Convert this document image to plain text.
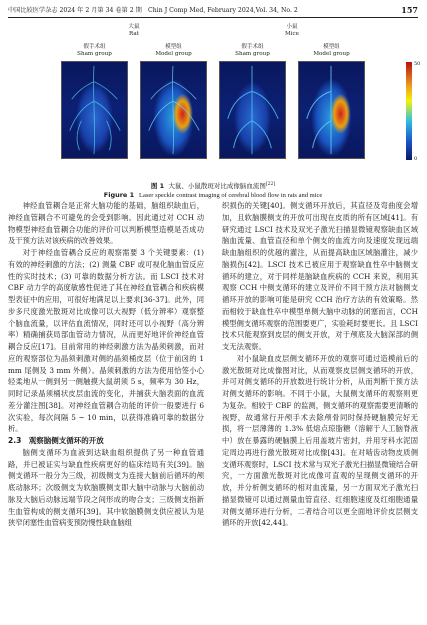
中国比较医学杂志 2024 年 2 月第 34 卷第 2 期　Chin J Comp Med, February 2024,Vol. 34, No. 2	157
大鼠
Rat
小鼠
Mice
假手术组
Sham group
模型组
Model group
假手术组
Sham group
模型组
Model group
50
0
图 1 大鼠、小鼠散斑对比成像脑血流图[22]
Figure 1 Laser speckle contrast imaging of cerebral blood flow in rats and mice

神经血管耦合是正常大脑功能的基础，脑组织缺血后，神经血管耦合不可避免的会受到影响。因此通过对 CCH 动物模型神经血管耦合功能的评价可以判断模型造模是否成功及干预方法对该疾病的改善效果。

对于神经血管耦合反应的观察需要 3 个关键要素：(1) 有效的神经刺激的方法；(2) 测量 CBF 或可视化脑血管反应性的实时技术；(3) 可靠的数据分析方法。而 LSCI 技术对 CBF 动力学的高度敏感性促进了其在神经血管耦合和疾病模型表征中的应用，可很好地满足以上要求[36-37]。此外，同步多尺度激光散斑对比成像可以大视野（低分辨率）观察整个脑血流量，以评估血流情况，同时还可以小视野（高分辨率）精确捕获局部血管动力情况，从而更好地评价神经血管耦合反应[17]。目前常用的神经刺激方法为晶须刺激，而对应的观察部位为晶须刺激对侧的晶须桶皮层（位于前囟的 1 mm 尾侧及 3 mm 外侧）。晶须刺激的方法为使用恰签小心轻柔地从一侧到另一侧触摸大鼠胡须 5 s，频率为 30 Hz，同时记录晶须桶状皮层血流的变化，并捕获大脑表面的血流差分灌注图[38]。对神经血管耦合功能的评价一般要进行 6 次实验，每次间隔 5 ~ 10 min，以获得准确可靠的数据分析。

2.3　观察脑侧支循环的开放

脑侧支循环为血液到达缺血组织提供了另一种血管通路，并已被证实与缺血性疾病更好的临床结局有关[39]。脑侧支循环一般分为三级，初级侧支为连接大脑前后循环的颅底动脉环；次级侧支为软脑膜侧支即大脑中动脉与大脑前动脉及大脑后动脉远端节段之间形成的吻合支；三级侧支指新生血管构成的侧支循环[39]。其中软脑膜侧支供应被认为是狭窄闭塞性血管病变预防慢性缺血脑组

织损伤的关键[40]。侧支循环开放后，其直径及弯曲度会增加，且软脑膜侧支的开放可出现在皮质的所有区域[41]。有研究通过 LSCI 技术及双光子激光扫描显微镜观察缺血区域脑血流量、血管直径和单个侧支的血流方向及速度发现远端缺血脑组织的优越的灌注，从而提高缺血区域脑灌注，减少脑损伤[42]。LSCI 技术已被应用于观察缺血性卒中脑侧支循环的建立，对于同样是脑缺血疾病的 CCH 来说，利用其观察 CCH 中侧支循环的建立及评价不同干预方法对脑侧支循环开放的影响可能是研究 CCH 治疗方法的有效策略。然而相较于缺血性卒中模型单侧大脑中动脉的闭塞而言，CCH 模型侧支循环观察的范围要更广，实验耗时要更长。且 LSCI 技术只能观察到皮层的侧支开放，对于颅底及大脑深部的侧支无法观察。

对小鼠缺血皮层侧支循环开放的观察可通过造模前后的激光散斑对比成像图对比，从而观察皮层侧支循环的开放，并可对侧支循环的开放数进行统计分析，从而判断干预方法对侧支循环的影响。不同于小鼠，大鼠侧支循环的观察则更为复杂。相较于 CBF 的监测，侧支循环的观察需要更清晰的视野，故通常行开颅手术去除颅骨同时保持硬脑膜完好无损，将一层薄薄的 1.3% 低熔点琼脂糖（溶解于人工脑脊液中）放在暴露的硬脑膜上后用盖玻片密封，并用牙科水泥固定周边再进行激光散斑对比成像[43]。在对啮齿动物皮质侧支循环观察时，LSCI 技术常与双光子激光扫描显微镜结合研究，一方面激光散斑对比成像可直观的呈现侧支循环的开放，并分析侧支循环的相对血流量，另一方面双光子激光扫描显微镜可以通过测量血管直径、红细胞速度及红细胞通量对侧支循环进行分析，二者结合可以更全面地评价皮层侧支循环的开放[42,44]。
